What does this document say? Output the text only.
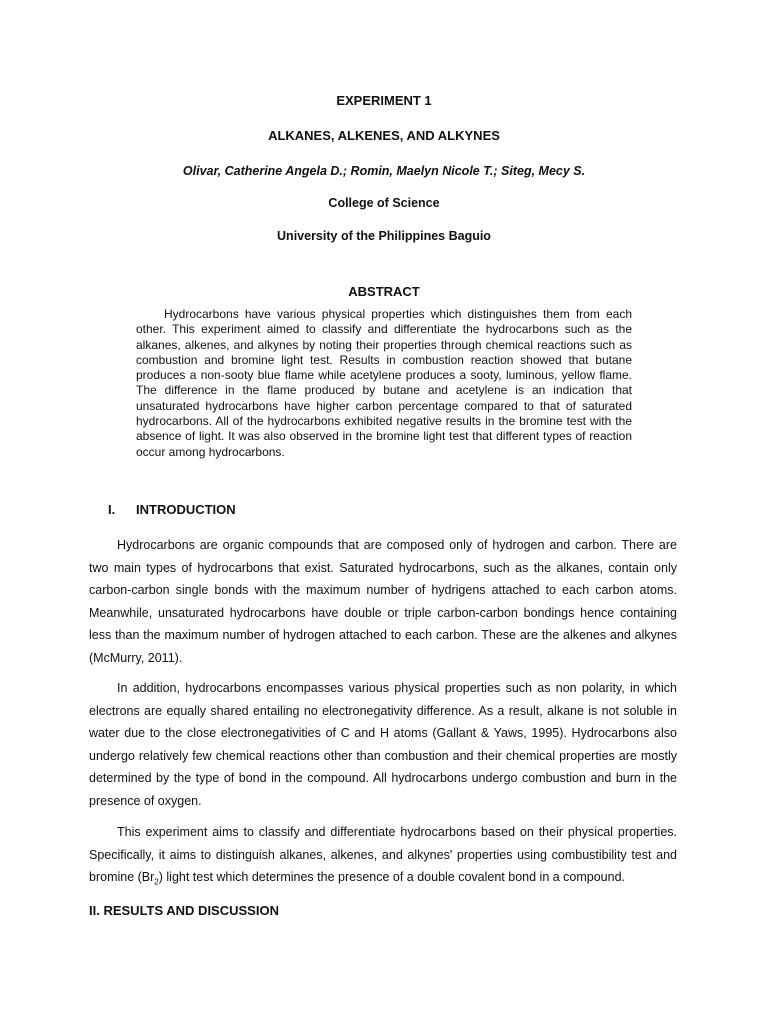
EXPERIMENT 1
ALKANES, ALKENES, AND ALKYNES
Olivar, Catherine Angela D.; Romin, Maelyn Nicole T.; Siteg, Mecy S.
College of Science
University of the Philippines Baguio
ABSTRACT

Hydrocarbons have various physical properties which distinguishes them from each other. This experiment aimed to classify and differentiate the hydrocarbons such as the alkanes, alkenes, and alkynes by noting their properties through chemical reactions such as combustion and bromine light test. Results in combustion reaction showed that butane produces a non-sooty blue flame while acetylene produces a sooty, luminous, yellow flame. The difference in the flame produced by butane and acetylene is an indication that unsaturated hydrocarbons have higher carbon percentage compared to that of saturated hydrocarbons. All of the hydrocarbons exhibited negative results in the bromine test with the absence of light. It was also observed in the bromine light test that different types of reaction occur among hydrocarbons.

I. INTRODUCTION

Hydrocarbons are organic compounds that are composed only of hydrogen and carbon. There are two main types of hydrocarbons that exist. Saturated hydrocarbons, such as the alkanes, contain only carbon-carbon single bonds with the maximum number of hydrigens attached to each carbon atoms. Meanwhile, unsaturated hydrocarbons have double or triple carbon-carbon bondings hence containing less than the maximum number of hydrogen attached to each carbon. These are the alkenes and alkynes (McMurry, 2011).

In addition, hydrocarbons encompasses various physical properties such as non polarity, in which electrons are equally shared entailing no electronegativity difference. As a result, alkane is not soluble in water due to the close electronegativities of C and H atoms (Gallant & Yaws, 1995). Hydrocarbons also undergo relatively few chemical reactions other than combustion and their chemical properties are mostly determined by the type of bond in the compound. All hydrocarbons undergo combustion and burn in the presence of oxygen.

This experiment aims to classify and differentiate hydrocarbons based on their physical properties. Specifically, it aims to distinguish alkanes, alkenes, and alkynes' properties using combustibility test and bromine $(Br_2)$ light test which determines the presence of a double covalent bond in a compound.

II. RESULTS AND DISCUSSION
